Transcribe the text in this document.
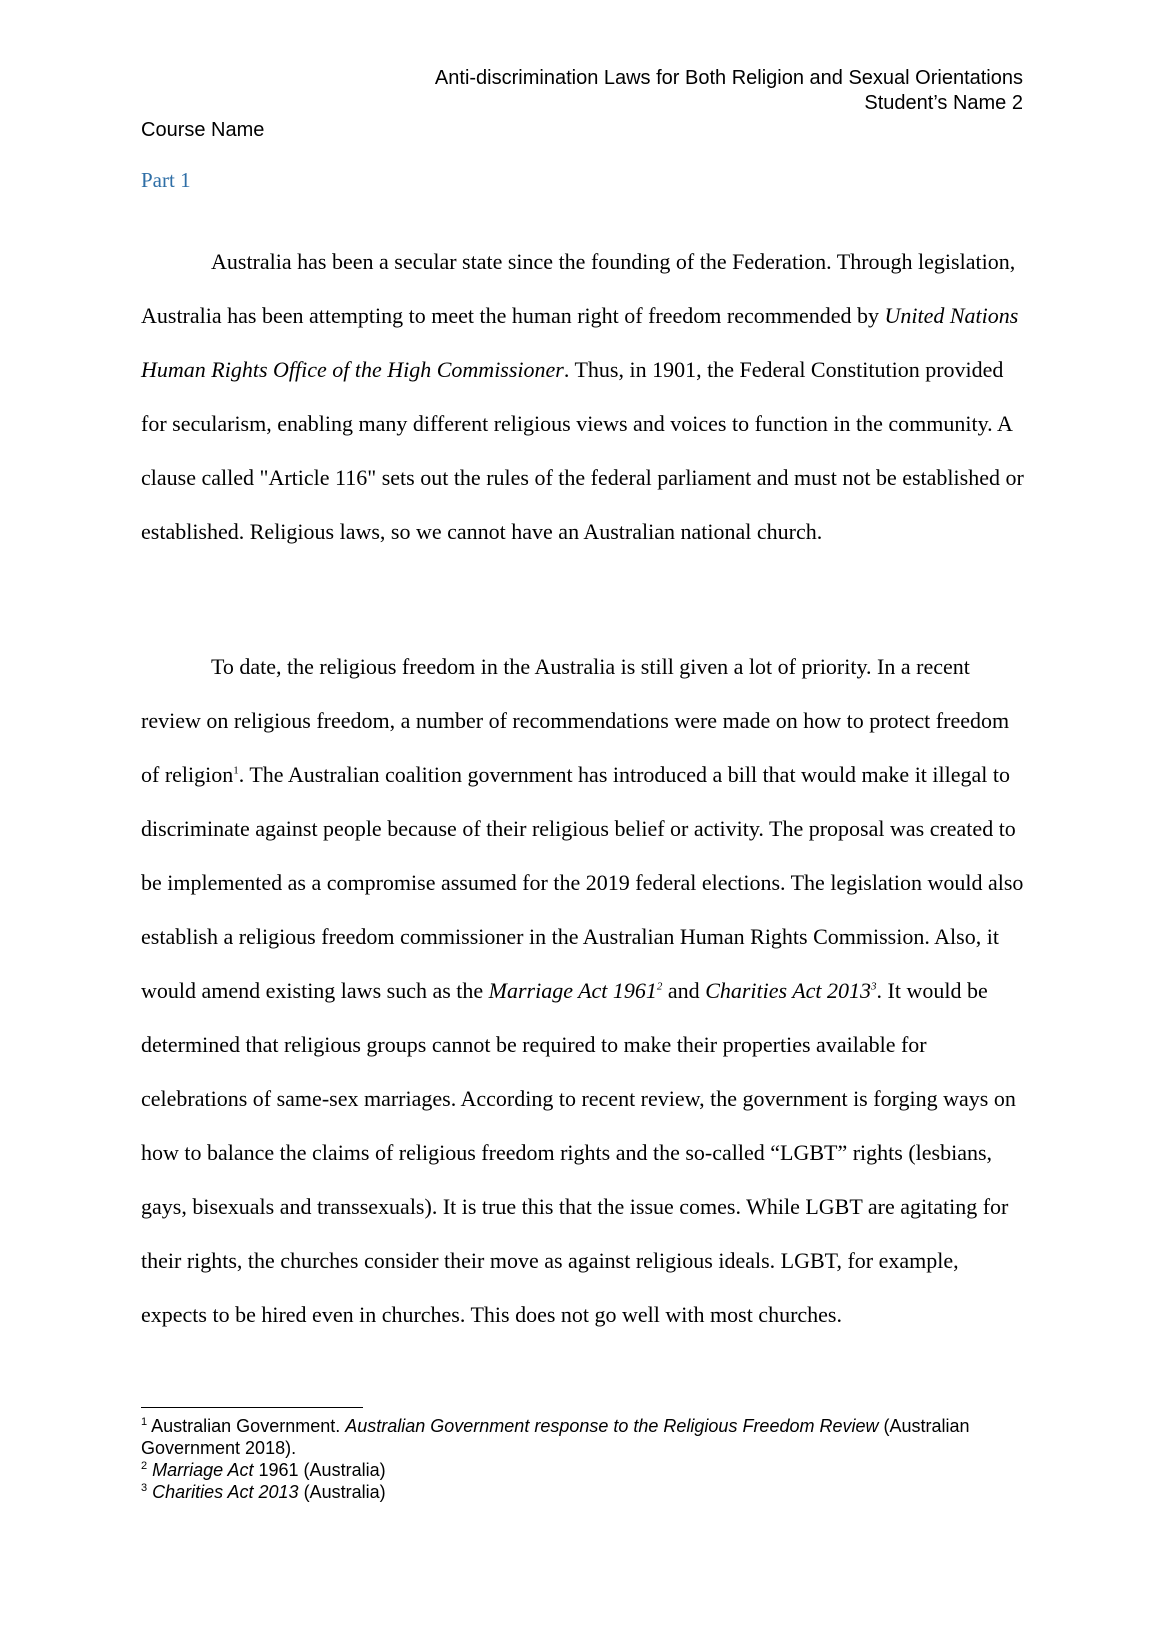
Anti-discrimination Laws for Both Religion and Sexual Orientations
Student’s Name 2
Course Name
Part 1

Australia has been a secular state since the founding of the Federation. Through legislation, Australia has been attempting to meet the human right of freedom recommended by United Nations Human Rights Office of the High Commissioner. Thus, in 1901, the Federal Constitution provided for secularism, enabling many different religious views and voices to function in the community. A clause called "Article 116" sets out the rules of the federal parliament and must not be established or established. Religious laws, so we cannot have an Australian national church.

To date, the religious freedom in the Australia is still given a lot of priority. In a recent review on religious freedom, a number of recommendations were made on how to protect freedom of religion$^1$. The Australian coalition government has introduced a bill that would make it illegal to discriminate against people because of their religious belief or activity. The proposal was created to be implemented as a compromise assumed for the 2019 federal elections. The legislation would also establish a religious freedom commissioner in the Australian Human Rights Commission. Also, it would amend existing laws such as the Marriage Act 1961$^2$ and Charities Act 2013$^3$. It would be determined that religious groups cannot be required to make their properties available for celebrations of same-sex marriages. According to recent review, the government is forging ways on how to balance the claims of religious freedom rights and the so-called “LGBT” rights (lesbians, gays, bisexuals and transsexuals). It is true this that the issue comes. While LGBT are agitating for their rights, the churches consider their move as against religious ideals. LGBT, for example, expects to be hired even in churches. This does not go well with most churches.

$^1$ Australian Government. Australian Government response to the Religious Freedom Review (Australian Government 2018).

$^2$ Marriage Act 1961 (Australia)

$^3$ Charities Act 2013 (Australia)
